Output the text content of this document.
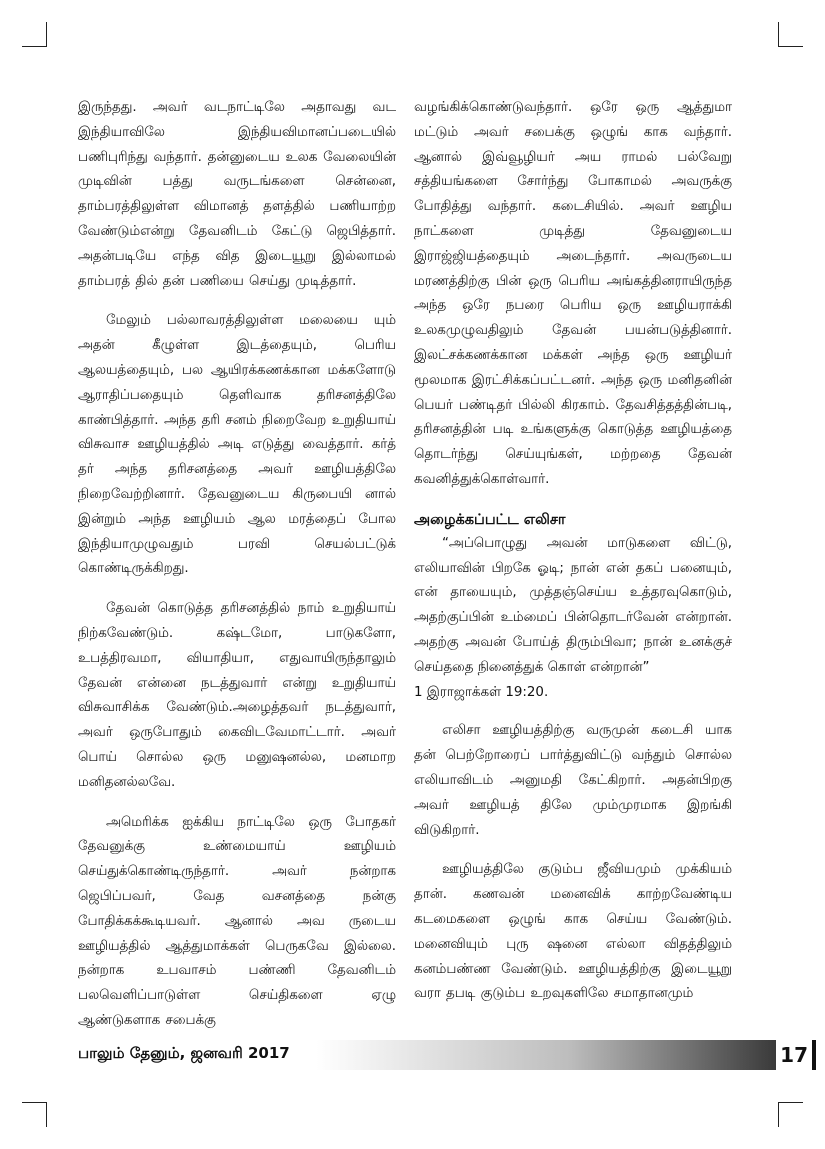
இருந்தது. அவர் வடநாட்டிலே அதாவது வட இந்தியாவிலே இந்தியவிமானப்படையில் பணிபுரிந்து வந்தார். தன்னுடைய உலக வேலையின் முடிவின் பத்து வருடங்களை சென்னை, தாம்பரத்திலுள்ள விமானத் தளத்தில் பணியாற்ற வேண்டும்என்று தேவனிடம் கேட்டு ஜெபித்தார். அதன்படியே எந்த வித இடையூறு இல்லாமல் தாம்பரத் தில் தன் பணியை செய்து முடித்தார்.

மேலும் பல்லாவரத்திலுள்ள மலையை யும் அதன் கீழுள்ள இடத்தையும், பெரிய ஆலயத்தையும், பல ஆயிரக்கணக்கான மக்களோடு ஆராதிப்பதையும் தெளிவாக தரிசனத்திலே காண்பித்தார். அந்த தரி சனம் நிறைவேற உறுதியாய் விசுவாச ஊழியத்தில் அடி எடுத்து வைத்தார். கர்த் தர் அந்த தரிசனத்தை அவர் ஊழியத்திலே நிறைவேற்றினார். தேவனுடைய கிருபையி னால் இன்றும் அந்த ஊழியம் ஆல மரத்தைப் போல இந்தியாமுழுவதும் பரவி செயல்பட்டுக் கொண்டிருக்கிறது.

தேவன் கொடுத்த தரிசனத்தில் நாம் உறுதியாய் நிற்கவேண்டும். கஷ்டமோ, பாடுகளோ, உபத்திரவமா, வியாதியா, எதுவாயிருந்தாலும் தேவன் என்னை நடத்துவார் என்று உறுதியாய் விசுவாசிக்க வேண்டும்.அழைத்தவர் நடத்துவார், அவர் ஒருபோதும் கைவிடவேமாட்டார். அவர் பொய் சொல்ல ஒரு மனுஷனல்ல, மனமாற மனிதனல்லவே.

அமெரிக்க ஐக்கிய நாட்டிலே ஒரு போதகர் தேவனுக்கு உண்மையாய் ஊழியம் செய்துக்கொண்டிருந்தார். அவர் நன்றாக ஜெபிப்பவர், வேத வசனத்தை நன்கு போதிக்கக்கூடியவர். ஆனால் அவ ருடைய ஊழியத்தில் ஆத்துமாக்கள் பெருகவே இல்லை. நன்றாக உபவாசம் பண்ணி தேவனிடம் பலவெளிப்பாடுள்ள செய்திகளை ஏழு ஆண்டுகளாக சபைக்கு

வழங்கிக்கொண்டுவந்தார். ஒரே ஒரு ஆத்துமா மட்டும் அவர் சபைக்கு ஒழுங் காக வந்தார். ஆனால் இவ்வூழியர் அய ராமல் பல்வேறு சத்தியங்களை சோர்ந்து போகாமல் அவருக்கு போதித்து வந்தார். கடைசியில். அவர் ஊழிய நாட்களை முடித்து தேவனுடைய இராஜ்ஜியத்தையும் அடைந்தார். அவருடைய மரணத்திற்கு பின் ஒரு பெரிய அங்கத்தினராயிருந்த அந்த ஒரே நபரை பெரிய ஒரு ஊழியராக்கி உலகமுழுவதிலும் தேவன் பயன்படுத்தினார். இலட்சக்கணக்கான மக்கள் அந்த ஒரு ஊழியர் மூலமாக இரட்சிக்கப்பட்டனர். அந்த ஒரு மனிதனின் பெயர் பண்டிதர் பில்லி கிரகாம். தேவசித்தத்தின்படி, தரிசனத்தின் படி உங்களுக்கு கொடுத்த ஊழியத்தை தொடர்ந்து செய்யுங்கள், மற்றதை தேவன் கவனித்துக்கொள்வார்.

அழைக்கப்பட்ட எலிசா

“அப்பொழுது அவன் மாடுகளை விட்டு, எலியாவின் பிறகே ஓடி; நான் என் தகப் பனையும், என் தாயையும், முத்தஞ்செய்ய உத்தரவுகொடும், அதற்குப்பின் உம்மைப் பின்தொடர்வேன் என்றான். அதற்கு அவன் போய்த் திரும்பிவா; நான் உனக்குச் செய்ததை நினைத்துக் கொள் என்றான்”
1 இராஜாக்கள் 19:20.

எலிசா ஊழியத்திற்கு வருமுன் கடைசி யாக தன் பெற்றோரைப் பார்த்துவிட்டு வந்தும் சொல்ல எலியாவிடம் அனுமதி கேட்கிறார். அதன்பிறகு அவர் ஊழியத் திலே மும்முரமாக இறங்கி விடுகிறார்.

ஊழியத்திலே குடும்ப ஜீவியமும் முக்கியம் தான். கணவன் மனைவிக் காற்றவேண்டிய கடமைகளை ஒழுங் காக செய்ய வேண்டும். மனைவியும் புரு ஷனை எல்லா விதத்திலும் கனம்பண்ண வேண்டும். ஊழியத்திற்கு இடையூறு வரா தபடி குடும்ப உறவுகளிலே சமாதானமும்

பாலும் தேனும், ஜனவரி 2017	17
